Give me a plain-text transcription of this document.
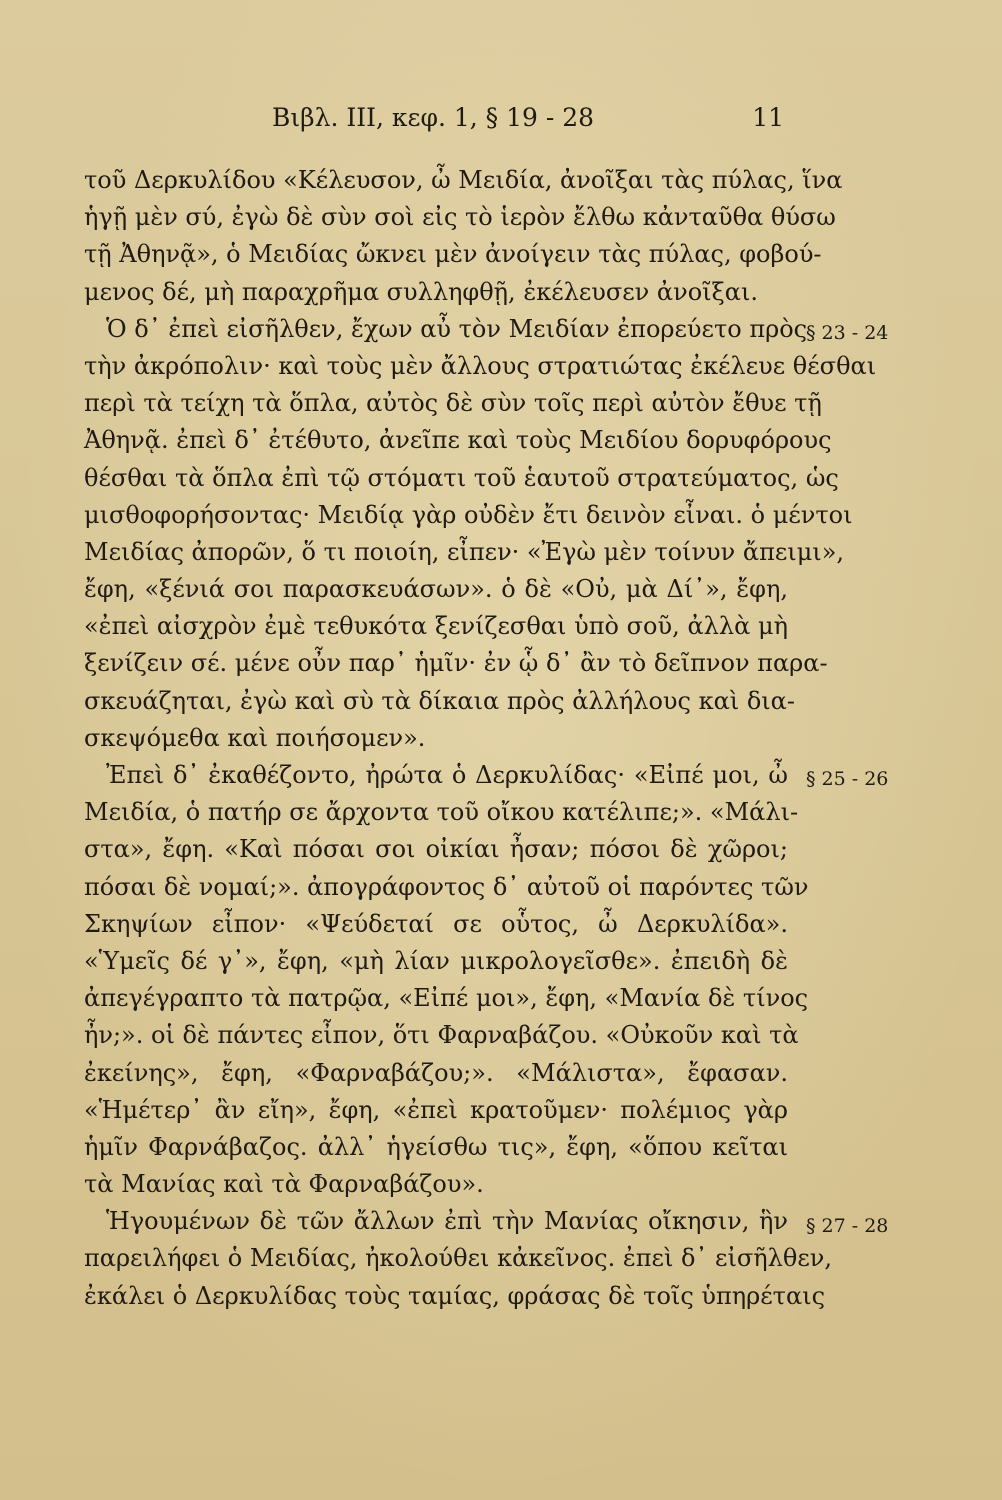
Βιβλ. ΙΙΙ, κεφ. 1, § 19 - 28	11
τοῦ Δερκυλίδου «Κέλευσον, ὦ Μειδία, ἀνοῖξαι τὰς πύλας, ἵνα
ἡγῇ μὲν σύ, ἐγὼ δὲ σὺν σοὶ εἰς τὸ ἱερὸν ἔλθω κἀνταῦθα θύσω
τῇ Ἀθηνᾷ», ὁ Μειδίας ὤκνει μὲν ἀνοίγειν τὰς πύλας, φοβού-
μενος δέ, μὴ παραχρῆμα συλληφθῇ, ἐκέλευσεν ἀνοῖξαι.
Ὁ δ᾽ ἐπεὶ εἰσῆλθεν, ἔχων αὖ τὸν Μειδίαν ἐπορεύετο πρὸς
τὴν ἀκρόπολιν· καὶ τοὺς μὲν ἄλλους στρατιώτας ἐκέλευε θέσθαι
περὶ τὰ τείχη τὰ ὅπλα, αὐτὸς δὲ σὺν τοῖς περὶ αὐτὸν ἔθυε τῇ
Ἀθηνᾷ. ἐπεὶ δ᾽ ἐτέθυτο, ἀνεῖπε καὶ τοὺς Μειδίου δορυφόρους
θέσθαι τὰ ὅπλα ἐπὶ τῷ στόματι τοῦ ἑαυτοῦ στρατεύματος, ὡς
μισθοφορήσοντας· Μειδίᾳ γὰρ οὐδὲν ἔτι δεινὸν εἶναι. ὁ μέντοι
Μειδίας ἀπορῶν, ὅ τι ποιοίη, εἶπεν· «Ἐγὼ μὲν τοίνυν ἄπειμι»,
ἔφη, «ξένιά σοι παρασκευάσων». ὁ δὲ «Οὐ, μὰ Δί᾽», ἔφη,
«ἐπεὶ αἰσχρὸν ἐμὲ τεθυκότα ξενίζεσθαι ὑπὸ σοῦ, ἀλλὰ μὴ
ξενίζειν σέ. μένε οὖν παρ᾽ ἡμῖν· ἐν ᾧ δ᾽ ἂν τὸ δεῖπνον παρα-
σκευάζηται, ἐγὼ καὶ σὺ τὰ δίκαια πρὸς ἀλλήλους καὶ δια-
σκεψόμεθα καὶ ποιήσομεν».
Ἐπεὶ δ᾽ ἐκαθέζοντο, ἠρώτα ὁ Δερκυλίδας· «Εἰπέ μοι, ὦ
Μειδία, ὁ πατήρ σε ἄρχοντα τοῦ οἴκου κατέλιπε;». «Μάλι-
στα», ἔφη. «Καὶ πόσαι σοι οἰκίαι ἦσαν; πόσοι δὲ χῶροι;
πόσαι δὲ νομαί;». ἀπογράφοντος δ᾽ αὐτοῦ οἱ παρόντες τῶν
Σκηψίων εἶπον· «Ψεύδεταί σε οὗτος, ὦ Δερκυλίδα».
«Ὑμεῖς δέ γ᾽», ἔφη, «μὴ λίαν μικρολογεῖσθε». ἐπειδὴ δὲ
ἀπεγέγραπτο τὰ πατρῷα, «Εἰπέ μοι», ἔφη, «Μανία δὲ τίνος
ἦν;». οἱ δὲ πάντες εἶπον, ὅτι Φαρναβάζου. «Οὐκοῦν καὶ τὰ
ἐκείνης», ἔφη, «Φαρναβάζου;». «Μάλιστα», ἔφασαν.
«Ἡμέτερ᾽ ἂν εἴη», ἔφη, «ἐπεὶ κρατοῦμεν· πολέμιος γὰρ
ἡμῖν Φαρνάβαζος. ἀλλ᾽ ἡγείσθω τις», ἔφη, «ὅπου κεῖται
τὰ Μανίας καὶ τὰ Φαρναβάζου».
Ἡγουμένων δὲ τῶν ἄλλων ἐπὶ τὴν Μανίας οἴκησιν, ἣν
παρειλήφει ὁ Μειδίας, ἠκολούθει κἀκεῖνος. ἐπεὶ δ᾽ εἰσῆλθεν,
ἐκάλει ὁ Δερκυλίδας τοὺς ταμίας, φράσας δὲ τοῖς ὑπηρέταις
§ 23 - 24
§ 25 - 26
§ 27 - 28
